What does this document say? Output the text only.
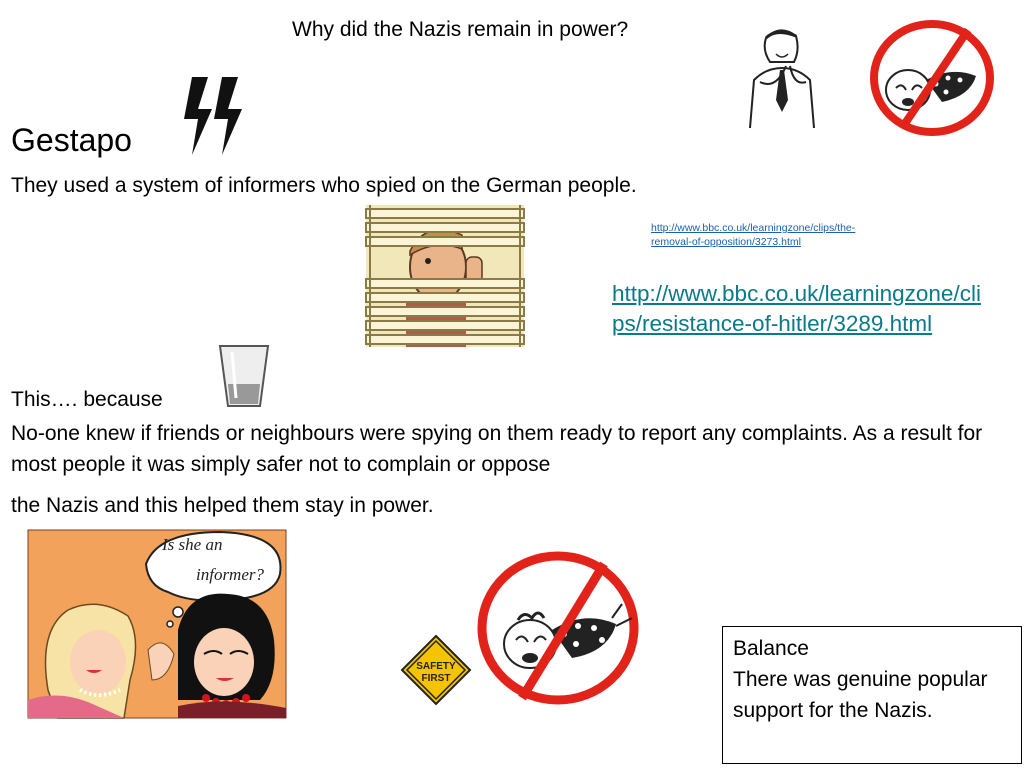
Why did the Nazis remain in power?
Gestapo
They used a system of informers who spied on the German people.
http://www.bbc.co.uk/learningzone/clips/the-removal-of-opposition/3273.html
http://www.bbc.co.uk/learningzone/clips/resistance-of-hitler/3289.html
This…. because
No-one knew if friends or neighbours were spying on them ready to report any complaints. As a result for most people it was simply safer not to complain or oppose
the Nazis and this helped them stay in power.
Is she an
informer?
SAFETY
FIRST
Balance
There was genuine popular support for the Nazis.
